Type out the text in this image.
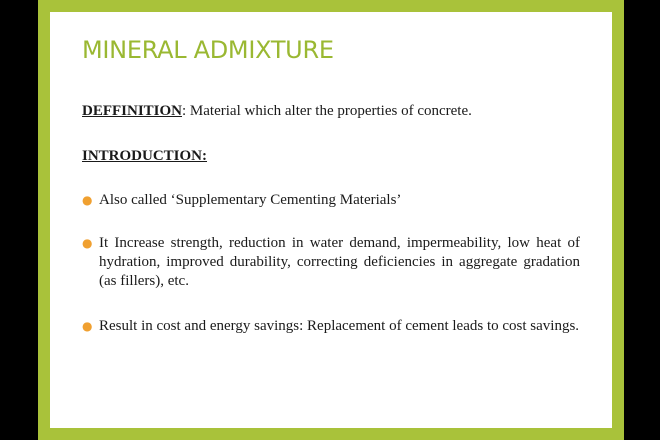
MINERAL ADMIXTURE

DEFFINITION: Material which alter the properties of concrete.

INTRODUCTION:

● Also called ‘Supplementary Cementing Materials’

● It Increase strength, reduction in water demand, impermeability, low heat of hydration, improved durability, correcting deficiencies in aggregate gradation (as fillers), etc.

● Result in cost and energy savings: Replacement of cement leads to cost savings.
